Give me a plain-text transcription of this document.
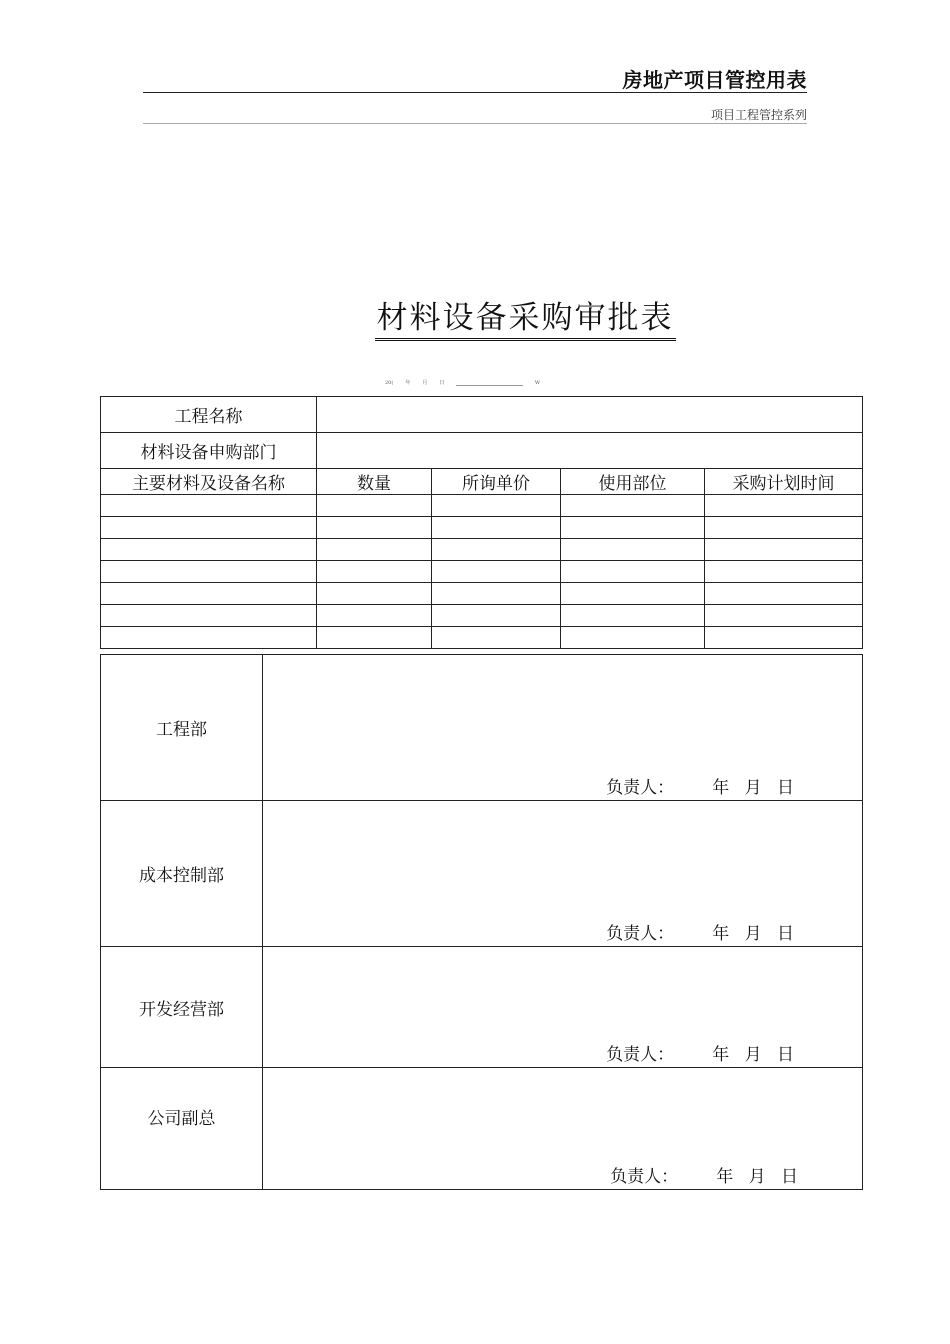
房地产项目管控用表
项目工程管控系列
材料设备采购审批表
20( 年 月 日	W
工程名称				
材料设备申购部门				
主要材料及设备名称	数量	所询单价	使用部位	采购计划时间

工程部	负责人： 年 月 日

成本控制部	负责人： 年 月 日

开发经营部	负责人： 年 月 日

公司副总	负责人： 年 月 日
